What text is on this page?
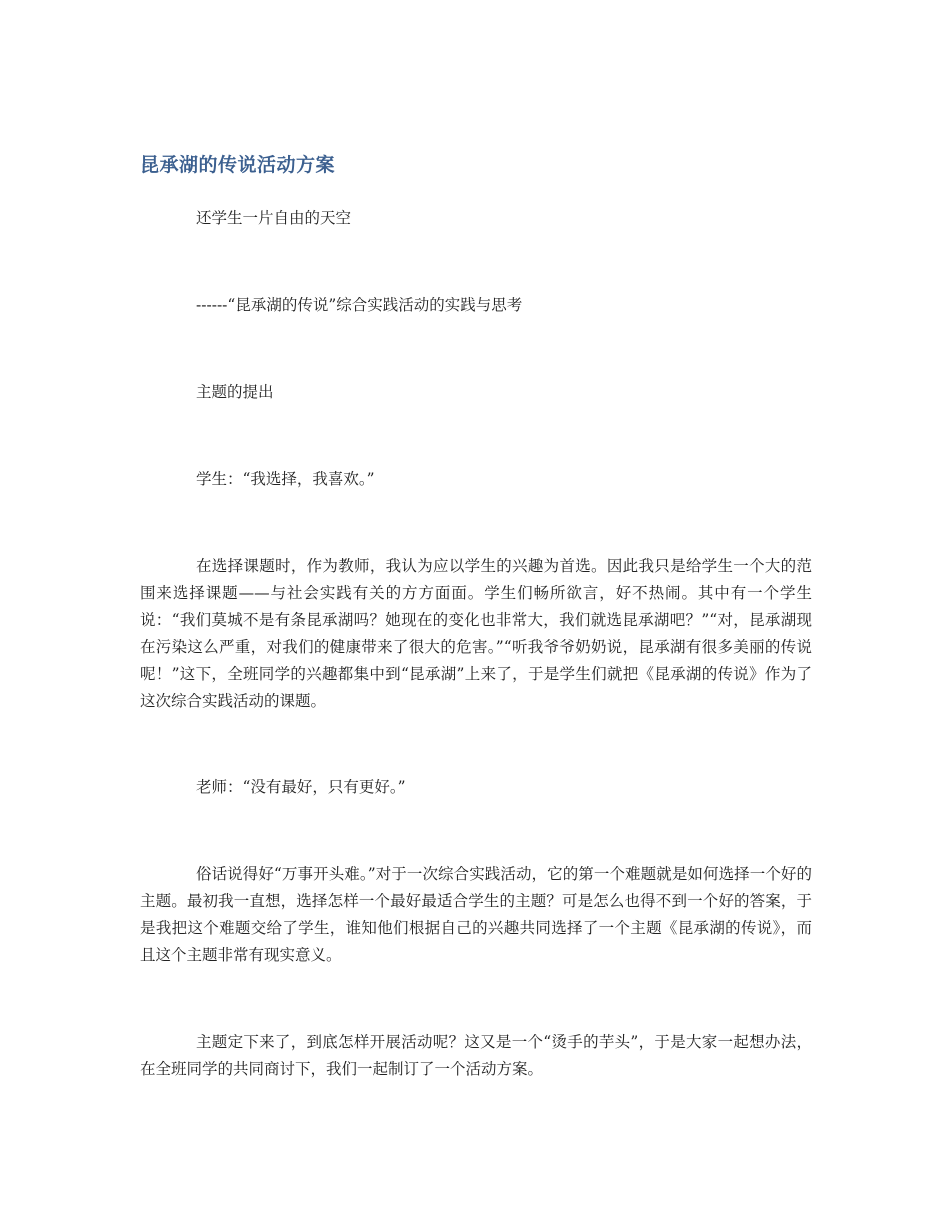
昆承湖的传说活动方案
还学生一片自由的天空
------“昆承湖的传说”综合实践活动的实践与思考
主题的提出
学生：“我选择，我喜欢。”
在选择课题时，作为教师，我认为应以学生的兴趣为首选。因此我只是给学生一个大的范围来选择课题——与社会实践有关的方方面面。学生们畅所欲言，好不热闹。其中有一个学生说：“我们莫城不是有条昆承湖吗？她现在的变化也非常大，我们就选昆承湖吧？”“对，昆承湖现在污染这么严重，对我们的健康带来了很大的危害。”“听我爷爷奶奶说，昆承湖有很多美丽的传说呢！”这下，全班同学的兴趣都集中到“昆承湖”上来了，于是学生们就把《昆承湖的传说》作为了这次综合实践活动的课题。
老师：“没有最好，只有更好。”
俗话说得好“万事开头难。”对于一次综合实践活动，它的第一个难题就是如何选择一个好的主题。最初我一直想，选择怎样一个最好最适合学生的主题？可是怎么也得不到一个好的答案，于是我把这个难题交给了学生，谁知他们根据自己的兴趣共同选择了一个主题《昆承湖的传说》，而且这个主题非常有现实意义。
主题定下来了，到底怎样开展活动呢？这又是一个“烫手的芋头”，于是大家一起想办法，在全班同学的共同商讨下，我们一起制订了一个活动方案。
